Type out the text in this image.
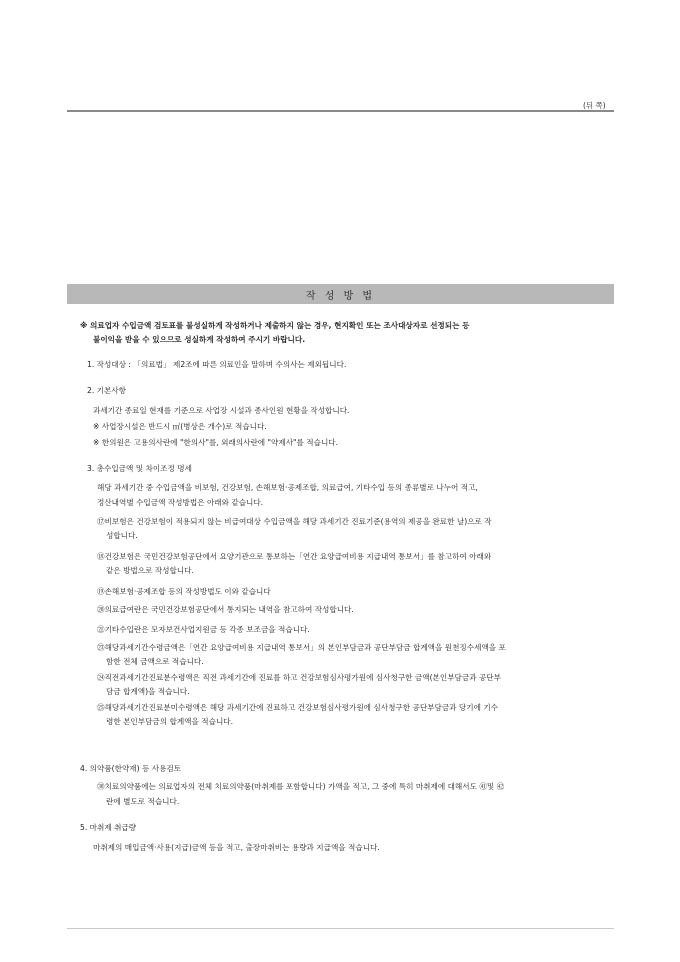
(뒤 쪽)
작 성 방 법
※ 의료업자 수입금액 검토표를 불성실하게 작성하거나 제출하지 않는 경우, 현지확인 또는 조사대상자로 선정되는 등
불이익을 받을 수 있으므로 성실하게 작성하여 주시기 바랍니다.
1. 작성대상 : 「의료법」 제2조에 따른 의료인을 말하며 수의사는 제외됩니다.
2. 기본사항
과세기간 종료일 현재를 기준으로 사업장 시설과 종사인원 현황을 작성합니다.
※ 사업장시설은 반드시 ㎡(병상은 개수)로 적습니다.
※ 한의원은 고용의사란에 "한의사"를, 외래의사란에 "약제사"를 적습니다.
3. 총수입금액 및 차이조정 명세
해당 과세기간 중 수입금액을 비보험, 건강보험, 손해보험·공제조합, 의료급여, 기타수입 등의 종류별로 나누어 적고,
정산내역별 수입금액 작성방법은 아래와 같습니다.
⑰비보험은 건강보험이 적용되지 않는 비급여대상 수입금액을 해당 과세기간 진료기준(용역의 제공을 완료한 날)으로 작
성합니다.
⑱건강보험은 국민건강보험공단에서 요양기관으로 통보하는「연간 요양급여비용 지급내역 통보서」를 참고하여 아래와
같은 방법으로 작성합니다.
⑲손해보험·공제조합 등의 작성방법도 이와 같습니다
⑳의료급여란은 국민건강보험공단에서 통지되는 내역을 참고하여 작성합니다.
㉑기타수입란은 모자보건사업지원금 등 각종 보조금을 적습니다.
㉓해당과세기간수령금액은「연간 요양급여비용 지급내역 통보서」의 본인부담금과 공단부담금 합계액을 원천징수세액을 포
함한 전체 금액으로 적습니다.
㉔직전과세기간진료분수령액은 직전 과세기간에 진료를 하고 건강보험심사평가원에 심사청구한 금액(본인부담금과 공단부
담금 합계액)을 적습니다.
㉕해당과세기간진료분미수령액은 해당 과세기간에 진료하고 건강보험심사평가원에 심사청구한 공단부담금과 당기에 기수
령한 본인부담금의 합계액을 적습니다.
4. 의약품(한약재) 등 사용검토
㉚치료의약품에는 의료업자의 전체 치료의약품(마취제를 포함합니다) 가액을 적고, 그 중에 특히 마취제에 대해서도 ㊶및 ㊷
란에 별도로 적습니다.
5. 마취제 취급량
마취제의 매입금액·사용(지급)금액 등을 적고, 출장마취비는 용량과 지급액을 적습니다.
